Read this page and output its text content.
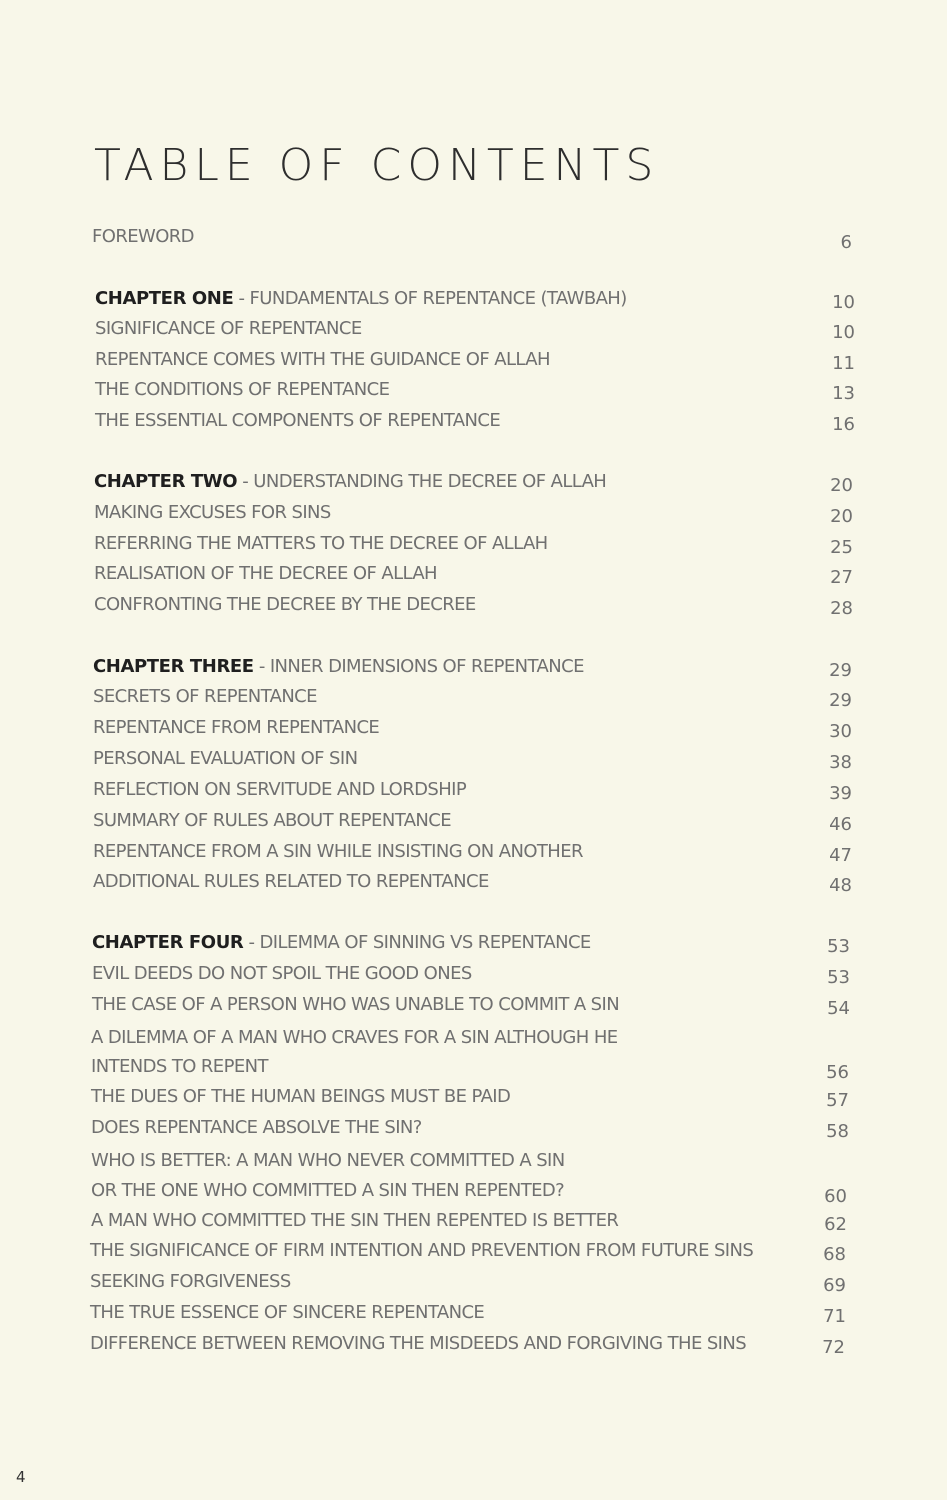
TABLE OF CONTENTS
FOREWORD	6
CHAPTER ONE - FUNDAMENTALS OF REPENTANCE (TAWBAH)	10
SIGNIFICANCE OF REPENTANCE	10
REPENTANCE COMES WITH THE GUIDANCE OF ALLAH	11
THE CONDITIONS OF REPENTANCE	13
THE ESSENTIAL COMPONENTS OF REPENTANCE	16
CHAPTER TWO - UNDERSTANDING THE DECREE OF ALLAH	20
MAKING EXCUSES FOR SINS	20
REFERRING THE MATTERS TO THE DECREE OF ALLAH	25
REALISATION OF THE DECREE OF ALLAH	27
CONFRONTING THE DECREE BY THE DECREE	28
CHAPTER THREE - INNER DIMENSIONS OF REPENTANCE	29
SECRETS OF REPENTANCE	29
REPENTANCE FROM REPENTANCE	30
PERSONAL EVALUATION OF SIN	38
REFLECTION ON SERVITUDE AND LORDSHIP	39
SUMMARY OF RULES ABOUT REPENTANCE	46
REPENTANCE FROM A SIN WHILE INSISTING ON ANOTHER	47
ADDITIONAL RULES RELATED TO REPENTANCE	48
CHAPTER FOUR - DILEMMA OF SINNING VS REPENTANCE	53
EVIL DEEDS DO NOT SPOIL THE GOOD ONES	53
THE CASE OF A PERSON WHO WAS UNABLE TO COMMIT A SIN	54
A DILEMMA OF A MAN WHO CRAVES FOR A SIN ALTHOUGH HE
INTENDS TO REPENT	56
THE DUES OF THE HUMAN BEINGS MUST BE PAID	57
DOES REPENTANCE ABSOLVE THE SIN?	58
WHO IS BETTER: A MAN WHO NEVER COMMITTED A SIN
OR THE ONE WHO COMMITTED A SIN THEN REPENTED?	60
A MAN WHO COMMITTED THE SIN THEN REPENTED IS BETTER	62
THE SIGNIFICANCE OF FIRM INTENTION AND PREVENTION FROM FUTURE SINS	68
SEEKING FORGIVENESS	69
THE TRUE ESSENCE OF SINCERE REPENTANCE	71
DIFFERENCE BETWEEN REMOVING THE MISDEEDS AND FORGIVING THE SINS	72
4
